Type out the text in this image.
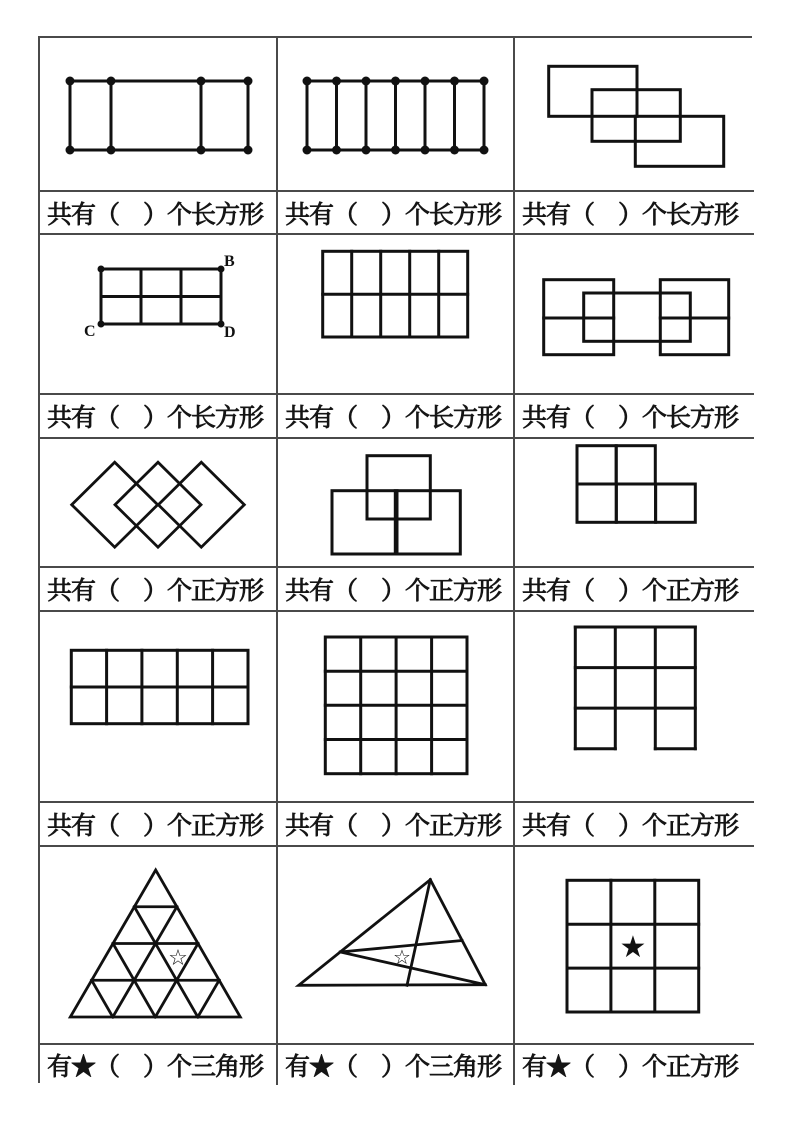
共有（　）个长方形 共有（　）个长方形 共有（　）个长方形
B
C	D
共有（　）个长方形 共有（　）个长方形 共有（　）个长方形
共有（　）个正方形 共有（　）个正方形 共有（　）个正方形
共有（　）个正方形 共有（　）个正方形 共有（　）个正方形
☆	☆	★
有★（　）个三角形 有★（　）个三角形 有★（　）个正方形
